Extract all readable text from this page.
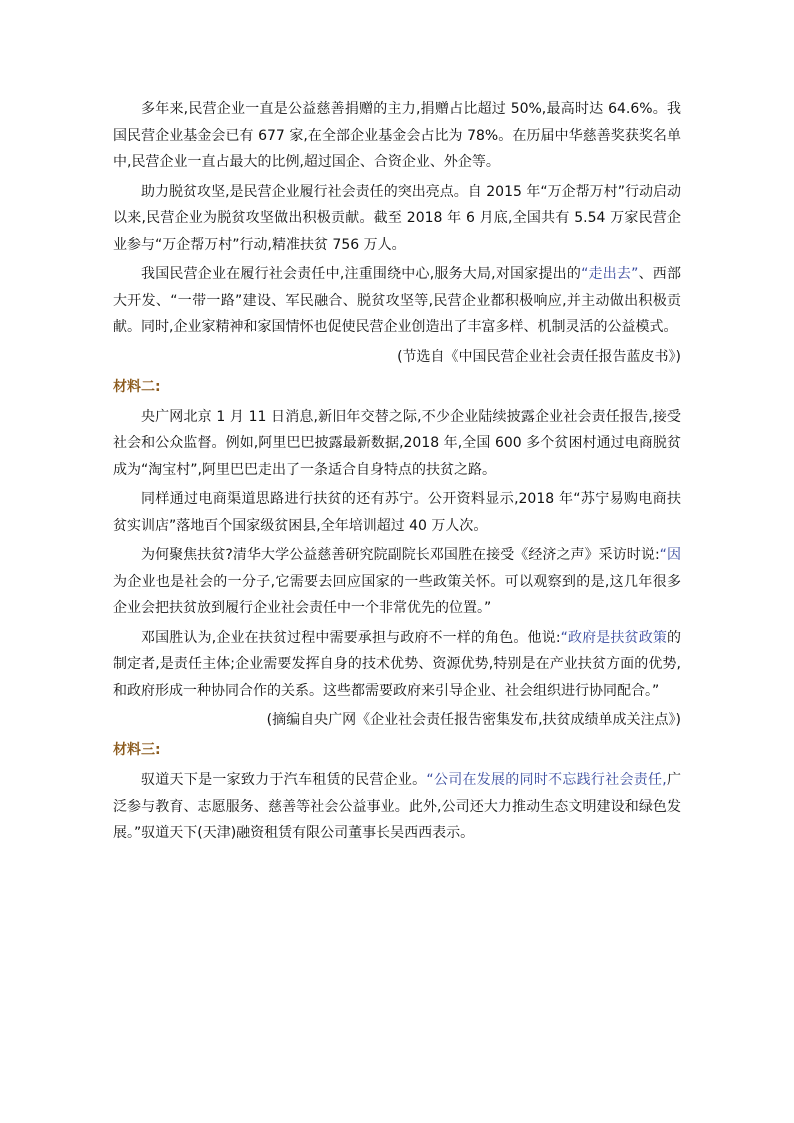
多年来,民营企业一直是公益慈善捐赠的主力,捐赠占比超过 50%,最高时达 64.6%。我国民营企业基金会已有 677 家,在全部企业基金会占比为 78%。在历届中华慈善奖获奖名单中,民营企业一直占最大的比例,超过国企、合资企业、外企等。

助力脱贫攻坚,是民营企业履行社会责任的突出亮点。自 2015 年“万企帮万村”行动启动以来,民营企业为脱贫攻坚做出积极贡献。截至 2018 年 6 月底,全国共有 5.54 万家民营企业参与“万企帮万村”行动,精准扶贫 756 万人。

我国民营企业在履行社会责任中,注重围绕中心,服务大局,对国家提出的“走出去”、西部大开发、“一带一路”建设、军民融合、脱贫攻坚等,民营企业都积极响应,并主动做出积极贡献。同时,企业家精神和家国情怀也促使民营企业创造出了丰富多样、机制灵活的公益模式。

(节选自《中国民营企业社会责任报告蓝皮书》)

材料二:

央广网北京 1 月 11 日消息,新旧年交替之际,不少企业陆续披露企业社会责任报告,接受社会和公众监督。例如,阿里巴巴披露最新数据,2018 年,全国 600 多个贫困村通过电商脱贫成为“淘宝村”,阿里巴巴走出了一条适合自身特点的扶贫之路。

同样通过电商渠道思路进行扶贫的还有苏宁。公开资料显示,2018 年“苏宁易购电商扶贫实训店”落地百个国家级贫困县,全年培训超过 40 万人次。

为何聚焦扶贫?清华大学公益慈善研究院副院长邓国胜在接受《经济之声》采访时说:“因为企业也是社会的一分子,它需要去回应国家的一些政策关怀。可以观察到的是,这几年很多企业会把扶贫放到履行企业社会责任中一个非常优先的位置。”

邓国胜认为,企业在扶贫过程中需要承担与政府不一样的角色。他说:“政府是扶贫政策的制定者,是责任主体;企业需要发挥自身的技术优势、资源优势,特别是在产业扶贫方面的优势,和政府形成一种协同合作的关系。这些都需要政府来引导企业、社会组织进行协同配合。”

(摘编自央广网《企业社会责任报告密集发布,扶贫成绩单成关注点》)

材料三:

驭道天下是一家致力于汽车租赁的民营企业。“公司在发展的同时不忘践行社会责任,广泛参与教育、志愿服务、慈善等社会公益事业。此外,公司还大力推动生态文明建设和绿色发展。”驭道天下(天津)融资租赁有限公司董事长吴西西表示。
